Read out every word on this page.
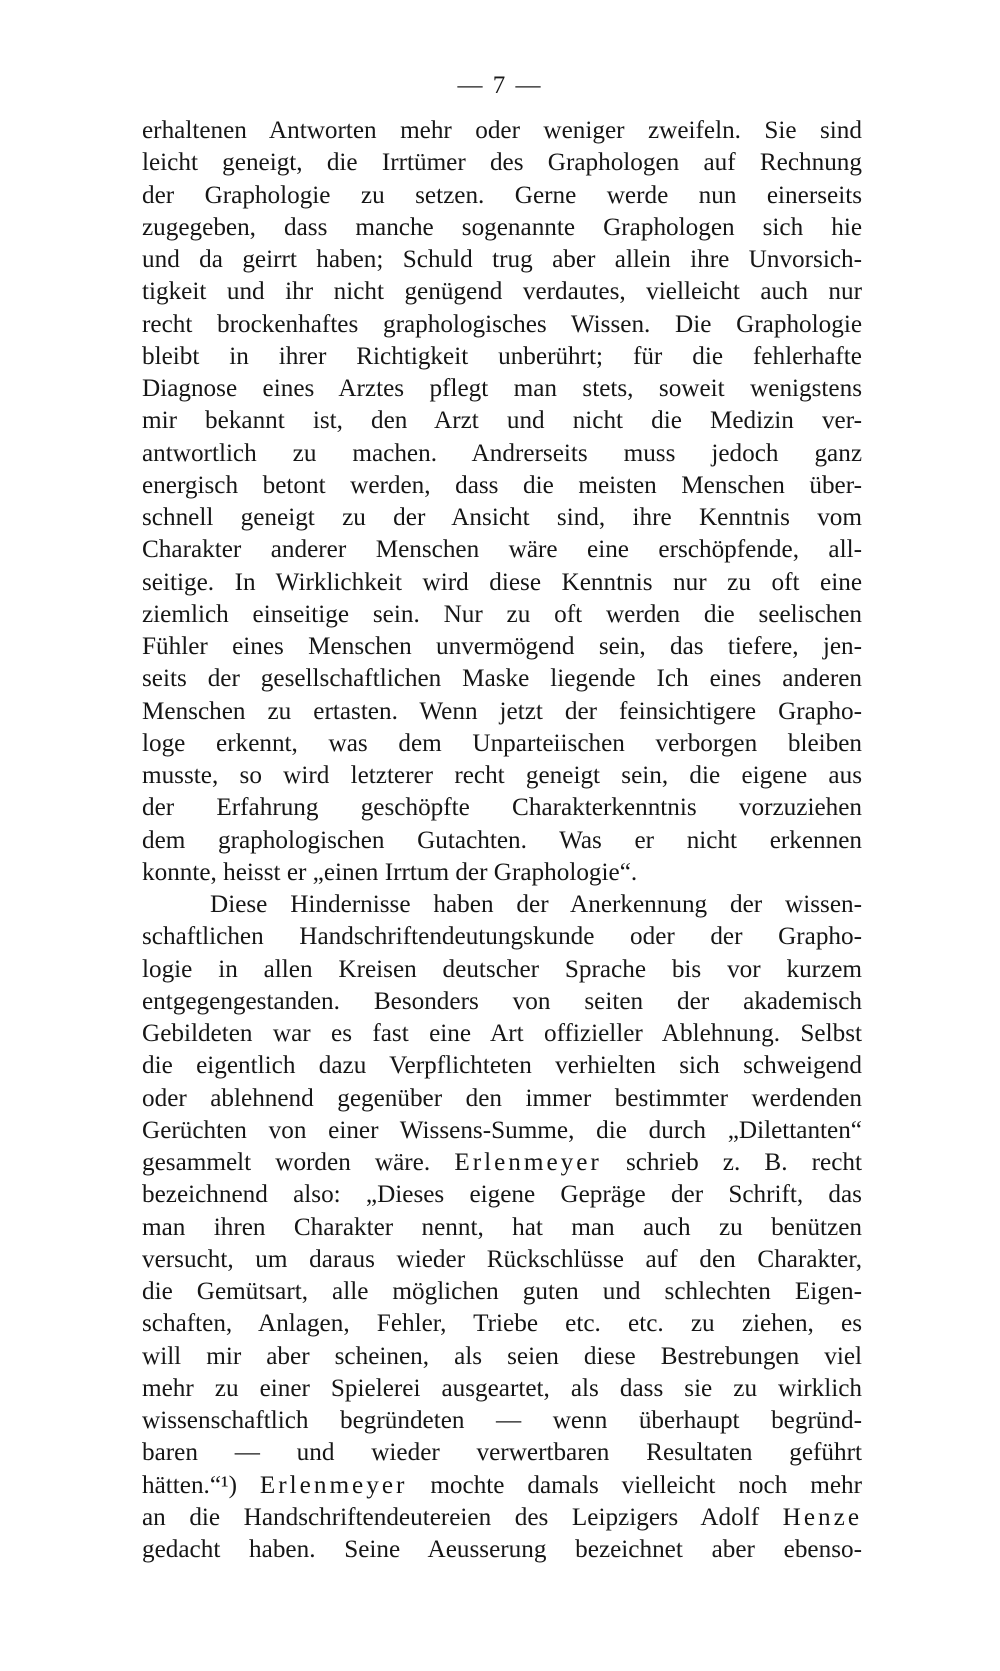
— 7 —
erhaltenen Antworten mehr oder weniger zweifeln. Sie sind
leicht geneigt, die Irrtümer des Graphologen auf Rechnung
der Graphologie zu setzen. Gerne werde nun einerseits
zugegeben, dass manche sogenannte Graphologen sich hie
und da geirrt haben; Schuld trug aber allein ihre Unvorsich-
tigkeit und ihr nicht genügend verdautes, vielleicht auch nur
recht brockenhaftes graphologisches Wissen. Die Graphologie
bleibt in ihrer Richtigkeit unberührt; für die fehlerhafte
Diagnose eines Arztes pflegt man stets, soweit wenigstens
mir bekannt ist, den Arzt und nicht die Medizin ver-
antwortlich zu machen. Andrerseits muss jedoch ganz
energisch betont werden, dass die meisten Menschen über-
schnell geneigt zu der Ansicht sind, ihre Kenntnis vom
Charakter anderer Menschen wäre eine erschöpfende, all-
seitige. In Wirklichkeit wird diese Kenntnis nur zu oft eine
ziemlich einseitige sein. Nur zu oft werden die seelischen
Fühler eines Menschen unvermögend sein, das tiefere, jen-
seits der gesellschaftlichen Maske liegende Ich eines anderen
Menschen zu ertasten. Wenn jetzt der feinsichtigere Grapho-
loge erkennt, was dem Unparteiischen verborgen bleiben
musste, so wird letzterer recht geneigt sein, die eigene aus
der Erfahrung geschöpfte Charakterkenntnis vorzuziehen
dem graphologischen Gutachten. Was er nicht erkennen
konnte, heisst er „einen Irrtum der Graphologie“.
Diese Hindernisse haben der Anerkennung der wissen-
schaftlichen Handschriftendeutungskunde oder der Grapho-
logie in allen Kreisen deutscher Sprache bis vor kurzem
entgegengestanden. Besonders von seiten der akademisch
Gebildeten war es fast eine Art offizieller Ablehnung. Selbst
die eigentlich dazu Verpflichteten verhielten sich schweigend
oder ablehnend gegenüber den immer bestimmter werdenden
Gerüchten von einer Wissens-Summe, die durch „Dilettanten“
gesammelt worden wäre. Erlenmeyer schrieb z. B. recht
bezeichnend also: „Dieses eigene Gepräge der Schrift, das
man ihren Charakter nennt, hat man auch zu benützen
versucht, um daraus wieder Rückschlüsse auf den Charakter,
die Gemütsart, alle möglichen guten und schlechten Eigen-
schaften, Anlagen, Fehler, Triebe etc. etc. zu ziehen, es
will mir aber scheinen, als seien diese Bestrebungen viel
mehr zu einer Spielerei ausgeartet, als dass sie zu wirklich
wissenschaftlich begründeten — wenn überhaupt begründ-
baren — und wieder verwertbaren Resultaten geführt
hätten.“¹) Erlenmeyer mochte damals vielleicht noch mehr
an die Handschriftendeutereien des Leipzigers Adolf Henze
gedacht haben. Seine Aeusserung bezeichnet aber ebenso-
